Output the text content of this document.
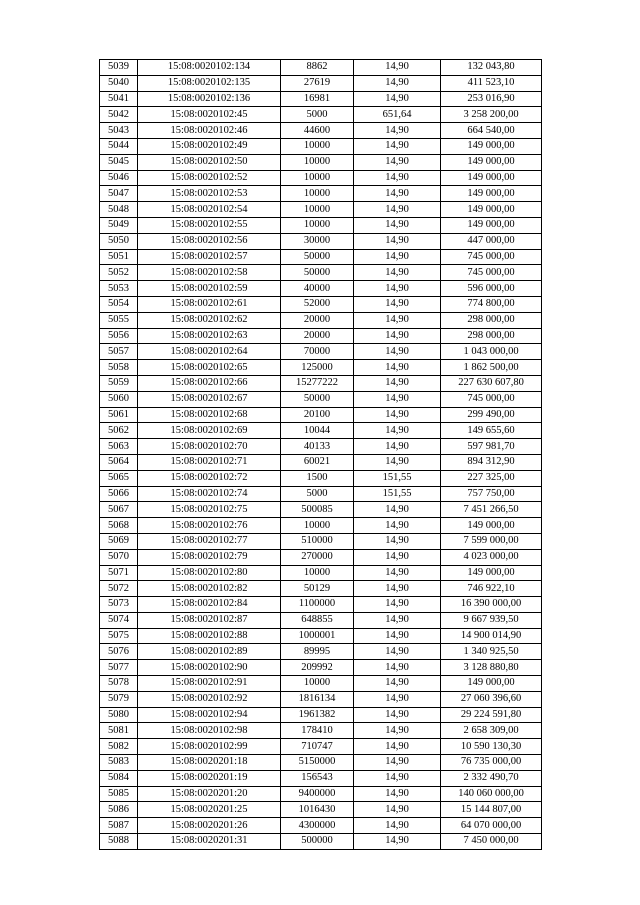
5039	15:08:0020102:134	8862	14,90	132 043,80
5040	15:08:0020102:135	27619	14,90	411 523,10
5041	15:08:0020102:136	16981	14,90	253 016,90
5042	15:08:0020102:45	5000	651,64	3 258 200,00
5043	15:08:0020102:46	44600	14,90	664 540,00
5044	15:08:0020102:49	10000	14,90	149 000,00
5045	15:08:0020102:50	10000	14,90	149 000,00
5046	15:08:0020102:52	10000	14,90	149 000,00
5047	15:08:0020102:53	10000	14,90	149 000,00
5048	15:08:0020102:54	10000	14,90	149 000,00
5049	15:08:0020102:55	10000	14,90	149 000,00
5050	15:08:0020102:56	30000	14,90	447 000,00
5051	15:08:0020102:57	50000	14,90	745 000,00
5052	15:08:0020102:58	50000	14,90	745 000,00
5053	15:08:0020102:59	40000	14,90	596 000,00
5054	15:08:0020102:61	52000	14,90	774 800,00
5055	15:08:0020102:62	20000	14,90	298 000,00
5056	15:08:0020102:63	20000	14,90	298 000,00
5057	15:08:0020102:64	70000	14,90	1 043 000,00
5058	15:08:0020102:65	125000	14,90	1 862 500,00
5059	15:08:0020102:66	15277222	14,90	227 630 607,80
5060	15:08:0020102:67	50000	14,90	745 000,00
5061	15:08:0020102:68	20100	14,90	299 490,00
5062	15:08:0020102:69	10044	14,90	149 655,60
5063	15:08:0020102:70	40133	14,90	597 981,70
5064	15:08:0020102:71	60021	14,90	894 312,90
5065	15:08:0020102:72	1500	151,55	227 325,00
5066	15:08:0020102:74	5000	151,55	757 750,00
5067	15:08:0020102:75	500085	14,90	7 451 266,50
5068	15:08:0020102:76	10000	14,90	149 000,00
5069	15:08:0020102:77	510000	14,90	7 599 000,00
5070	15:08:0020102:79	270000	14,90	4 023 000,00
5071	15:08:0020102:80	10000	14,90	149 000,00
5072	15:08:0020102:82	50129	14,90	746 922,10
5073	15:08:0020102:84	1100000	14,90	16 390 000,00
5074	15:08:0020102:87	648855	14,90	9 667 939,50
5075	15:08:0020102:88	1000001	14,90	14 900 014,90
5076	15:08:0020102:89	89995	14,90	1 340 925,50
5077	15:08:0020102:90	209992	14,90	3 128 880,80
5078	15:08:0020102:91	10000	14,90	149 000,00
5079	15:08:0020102:92	1816134	14,90	27 060 396,60
5080	15:08:0020102:94	1961382	14,90	29 224 591,80
5081	15:08:0020102:98	178410	14,90	2 658 309,00
5082	15:08:0020102:99	710747	14,90	10 590 130,30
5083	15:08:0020201:18	5150000	14,90	76 735 000,00
5084	15:08:0020201:19	156543	14,90	2 332 490,70
5085	15:08:0020201:20	9400000	14,90	140 060 000,00
5086	15:08:0020201:25	1016430	14,90	15 144 807,00
5087	15:08:0020201:26	4300000	14,90	64 070 000,00
5088	15:08:0020201:31	500000	14,90	7 450 000,00
